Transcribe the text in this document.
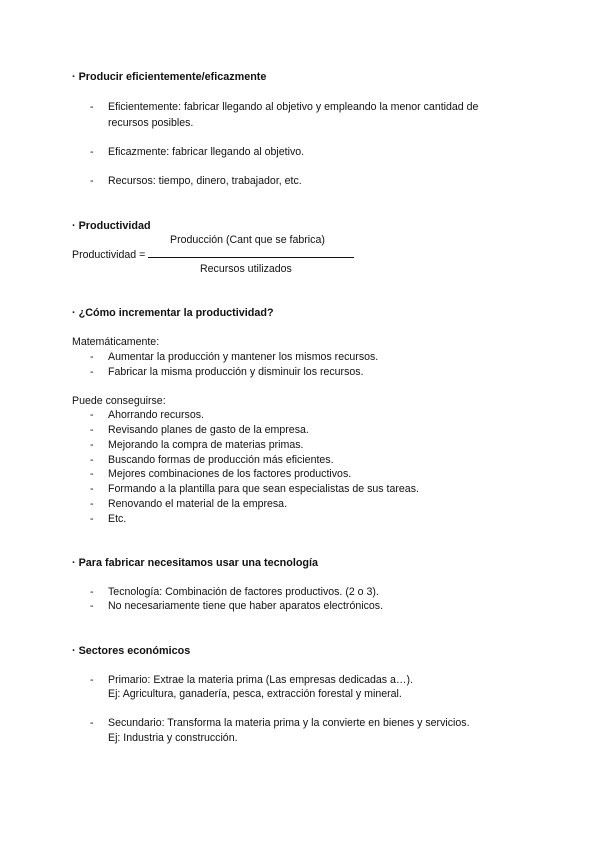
· Producir eficientemente/eficazmente
- Eficientemente: fabricar llegando al objetivo y empleando la menor cantidad de
recursos posibles.
- Eficazmente: fabricar llegando al objetivo.
- Recursos: tiempo, dinero, trabajador, etc.
· Productividad
Producción (Cant que se fabrica)
Productividad =
Recursos utilizados
· ¿Cómo incrementar la productividad?
Matemáticamente:
- Aumentar la producción y mantener los mismos recursos.
- Fabricar la misma producción y disminuir los recursos.
Puede conseguirse:
- Ahorrando recursos.
- Revisando planes de gasto de la empresa.
- Mejorando la compra de materias primas.
- Buscando formas de producción más eficientes.
- Mejores combinaciones de los factores productivos.
- Formando a la plantilla para que sean especialistas de sus tareas.
- Renovando el material de la empresa.
- Etc.
· Para fabricar necesitamos usar una tecnología
- Tecnología: Combinación de factores productivos. (2 o 3).
- No necesariamente tiene que haber aparatos electrónicos.
· Sectores económicos
- Primario: Extrae la materia prima (Las empresas dedicadas a…).
Ej: Agricultura, ganadería, pesca, extracción forestal y mineral.
- Secundario: Transforma la materia prima y la convierte en bienes y servicios.
Ej: Industria y construcción.
